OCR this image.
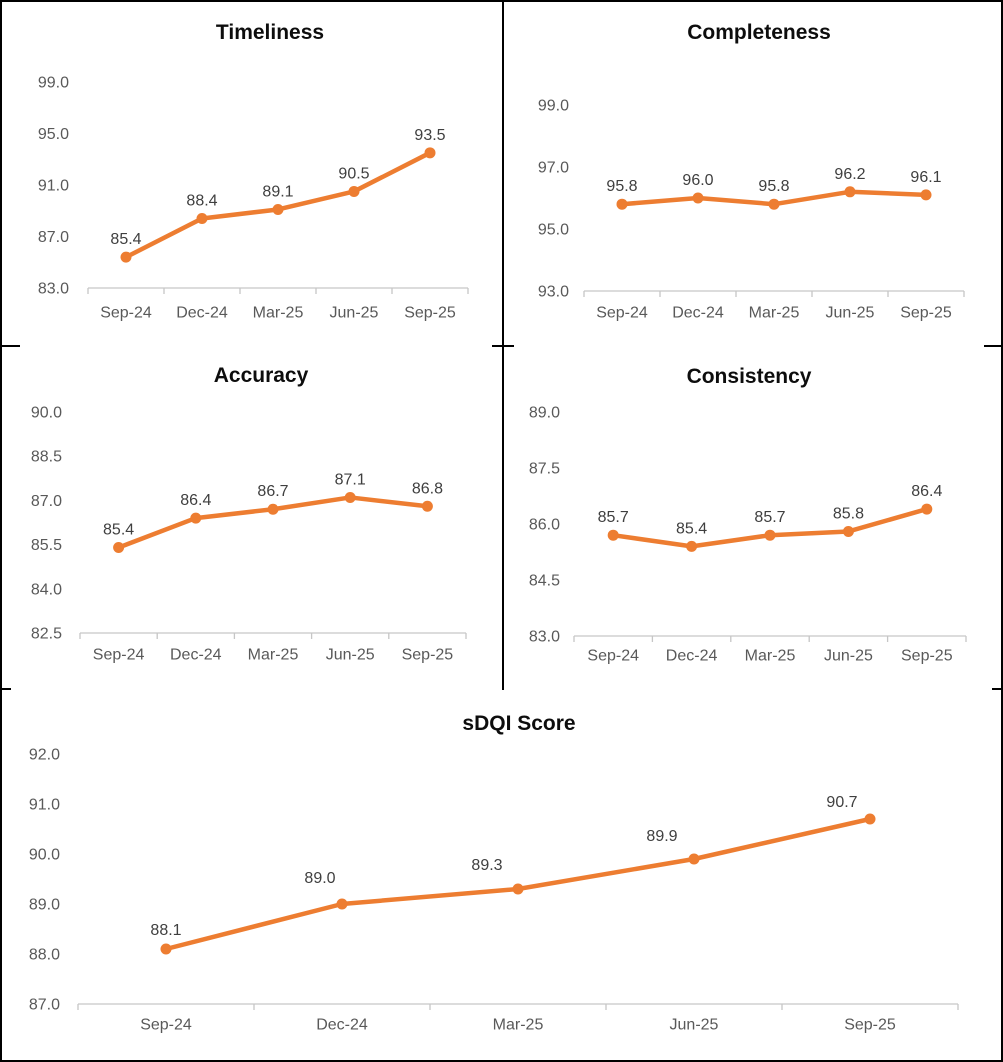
Timeliness	Completeness
Accuracy	Consistency
sDQI Score
83.0
87.0
91.0
95.0
99.0
Sep-24 Dec-24 Mar-25 Jun-25 Sep-25
85.4
88.4
89.1
90.5
93.5
93.0
95.0
97.0
99.0
Sep-24 Dec-24 Mar-25 Jun-25 Sep-25
95.8	96.0	95.8
96.2	96.1
82.5
84.0
85.5
87.0
88.5
90.0
Sep-24 Dec-24 Mar-25 Jun-25 Sep-25
85.4
86.4
86.7
87.1
86.8
83.0
84.5
86.0
87.5
89.0
Sep-24 Dec-24 Mar-25 Jun-25 Sep-25
85.7
85.4
85.7	85.8
86.4
87.0
88.0
89.0
90.0
91.0
92.0
Sep-24	Dec-24	Mar-25	Jun-25	Sep-25
88.1
89.0
89.3
89.9
90.7
